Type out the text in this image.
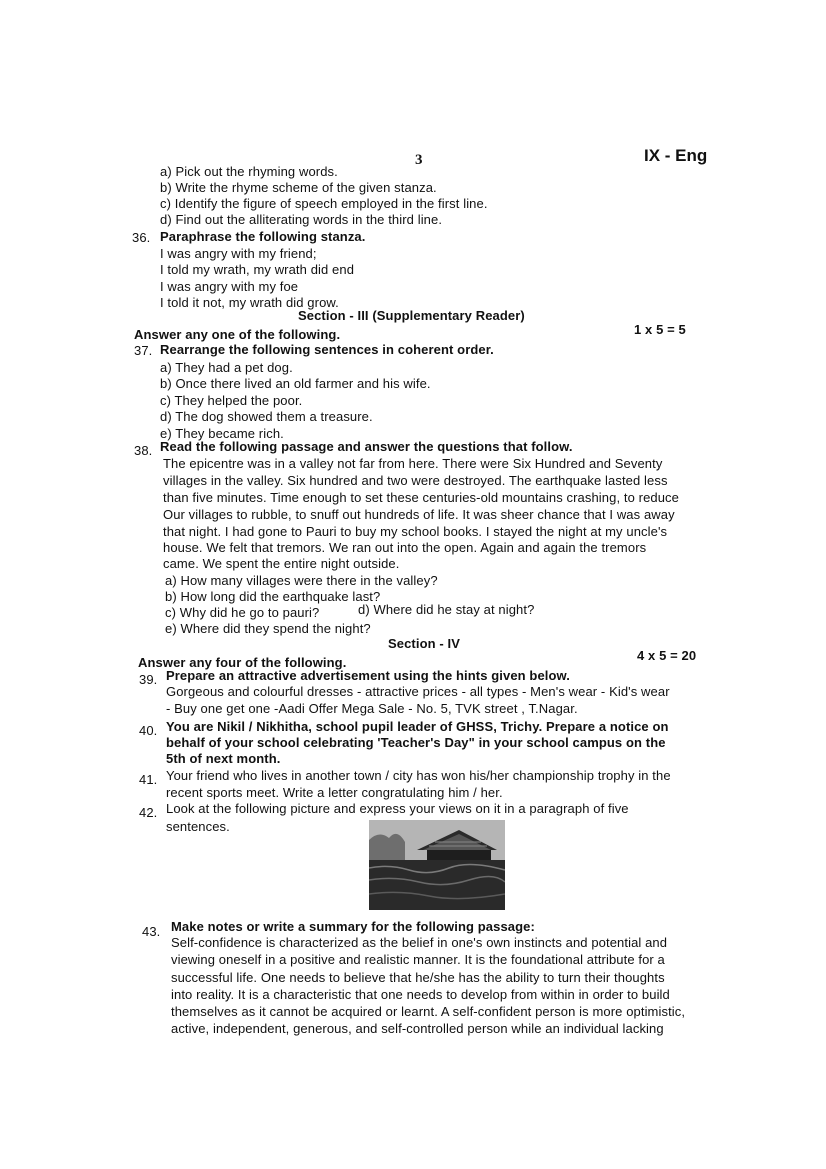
3	IX - Eng
a) Pick out the rhyming words.
b) Write the rhyme scheme of the given stanza.
c) Identify the figure of speech employed in the first line.
d) Find out the alliterating words in the third line.
36. Paraphrase the following stanza.
I was angry with my friend;
I told my wrath, my wrath did end
I was angry with my foe
I told it not, my wrath did grow.
Section - III (Supplementary Reader)
Answer any one of the following.	1 x 5 = 5
37. Rearrange the following sentences in coherent order.
a) They had a pet dog.
b) Once there lived an old farmer and his wife.
c) They helped the poor.
d) The dog showed them a treasure.
e) They became rich.
38. Read the following passage and answer the questions that follow.
The epicentre was in a valley not far from here. There were Six Hundred and Seventy
villages in the valley. Six hundred and two were destroyed. The earthquake lasted less
than five minutes. Time enough to set these centuries-old mountains crashing, to reduce
Our villages to rubble, to snuff out hundreds of life. It was sheer chance that I was away
that night. I had gone to Pauri to buy my school books. I stayed the night at my uncle's
house. We felt that tremors. We ran out into the open. Again and again the tremors
came. We spent the entire night outside.
a) How many villages were there in the valley?
b) How long did the earthquake last?
c) Why did he go to pauri?	d) Where did he stay at night?
e) Where did they spend the night?
Section - IV
Answer any four of the following.	4 x 5 = 20
39. Prepare an attractive advertisement using the hints given below.
Gorgeous and colourful dresses - attractive prices - all types - Men's wear - Kid's wear
- Buy one get one -Aadi Offer Mega Sale - No. 5, TVK street , T.Nagar.
40. You are Nikil / Nikhitha, school pupil leader of GHSS, Trichy. Prepare a notice on
behalf of your school celebrating 'Teacher's Day" in your school campus on the
5th of next month.
41. Your friend who lives in another town / city has won his/her championship trophy in the
recent sports meet. Write a letter congratulating him / her.
42. Look at the following picture and express your views on it in a paragraph of five
sentences.
43. Make notes or write a summary for the following passage:
Self-confidence is characterized as the belief in one's own instincts and potential and
viewing oneself in a positive and realistic manner. It is the foundational attribute for a
successful life. One needs to believe that he/she has the ability to turn their thoughts
into reality. It is a characteristic that one needs to develop from within in order to build
themselves as it cannot be acquired or learnt. A self-confident person is more optimistic,
active, independent, generous, and self-controlled person while an individual lacking
